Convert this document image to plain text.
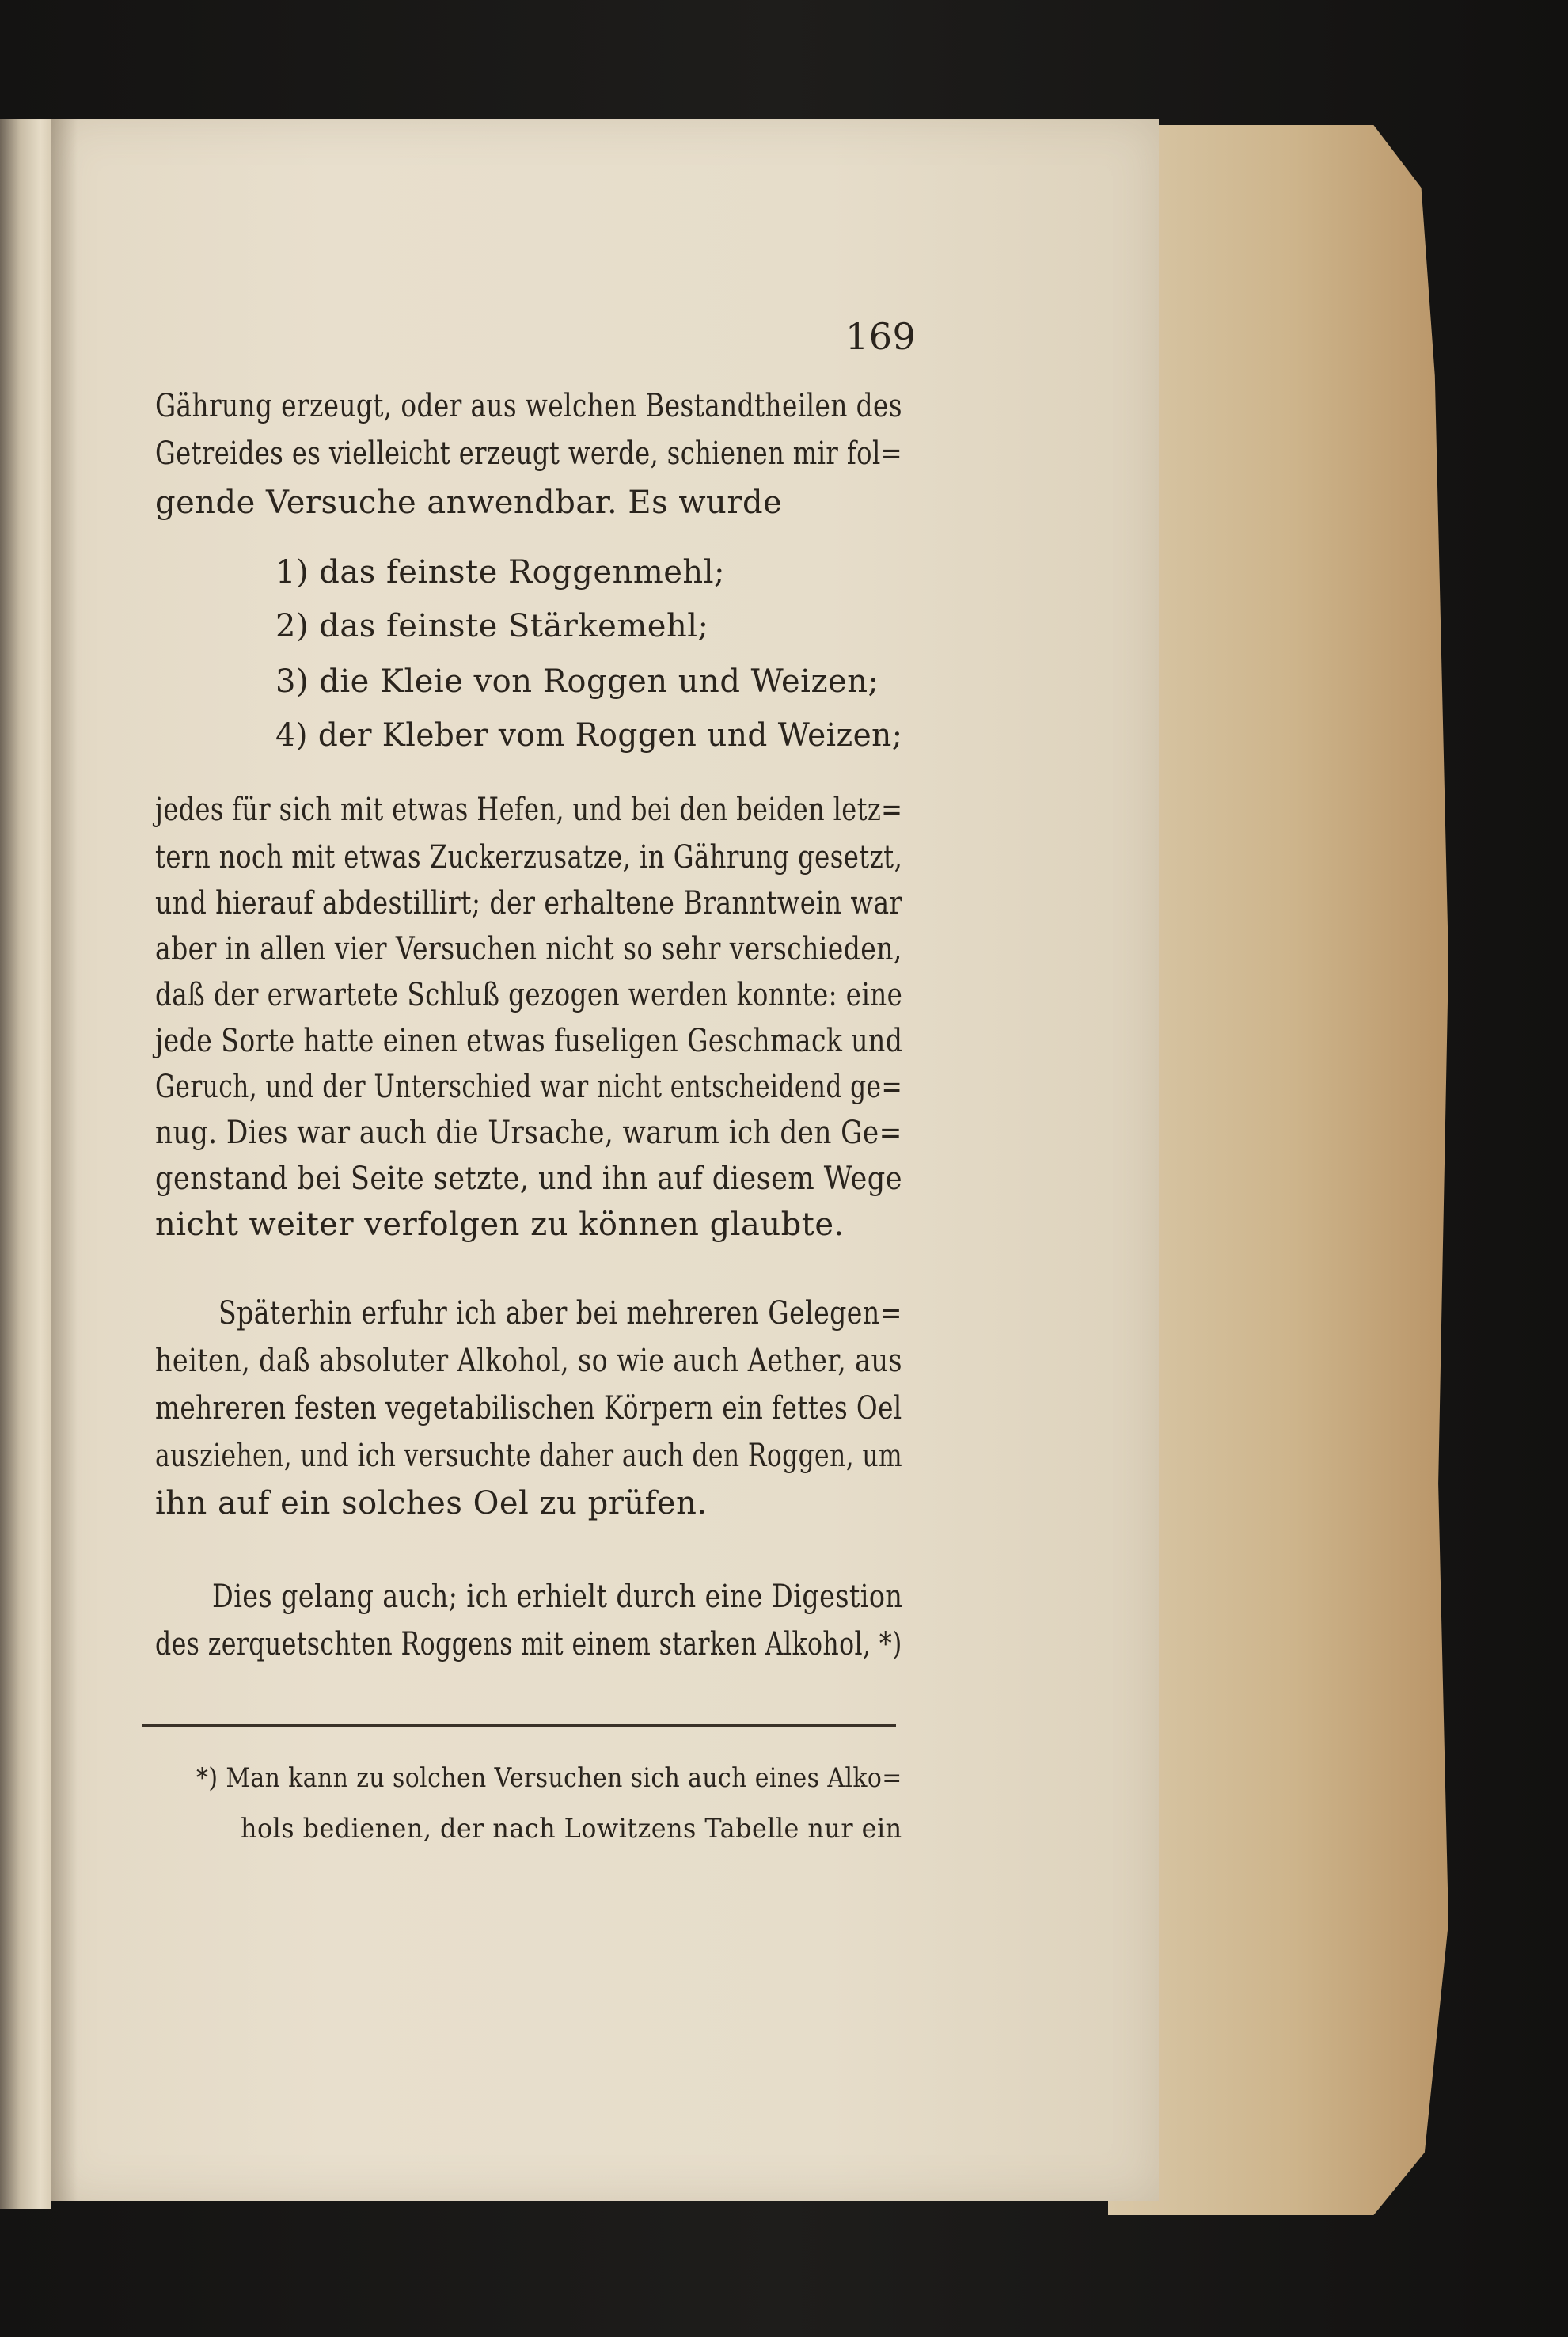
169
Gährung erzeugt, oder aus welchen Bestandtheilen des
Getreides es vielleicht erzeugt werde, schienen mir fol=
gende Versuche anwendbar. Es wurde
1) das feinste Roggenmehl;
2) das feinste Stärkemehl;
3) die Kleie von Roggen und Weizen;
4) der Kleber vom Roggen und Weizen;
jedes für sich mit etwas Hefen, und bei den beiden letz=
tern noch mit etwas Zuckerzusatze, in Gährung gesetzt,
und hierauf abdestillirt; der erhaltene Branntwein war
aber in allen vier Versuchen nicht so sehr verschieden,
daß der erwartete Schluß gezogen werden konnte: eine
jede Sorte hatte einen etwas fuseligen Geschmack und
Geruch, und der Unterschied war nicht entscheidend ge=
nug. Dies war auch die Ursache, warum ich den Ge=
genstand bei Seite setzte, und ihn auf diesem Wege
nicht weiter verfolgen zu können glaubte.
Späterhin erfuhr ich aber bei mehreren Gelegen=
heiten, daß absoluter Alkohol, so wie auch Aether, aus
mehreren festen vegetabilischen Körpern ein fettes Oel
ausziehen, und ich versuchte daher auch den Roggen, um
ihn auf ein solches Oel zu prüfen.
Dies gelang auch; ich erhielt durch eine Digestion
des zerquetschten Roggens mit einem starken Alkohol, *)
*) Man kann zu solchen Versuchen sich auch eines Alko=
hols bedienen, der nach Lowitzens Tabelle nur ein
